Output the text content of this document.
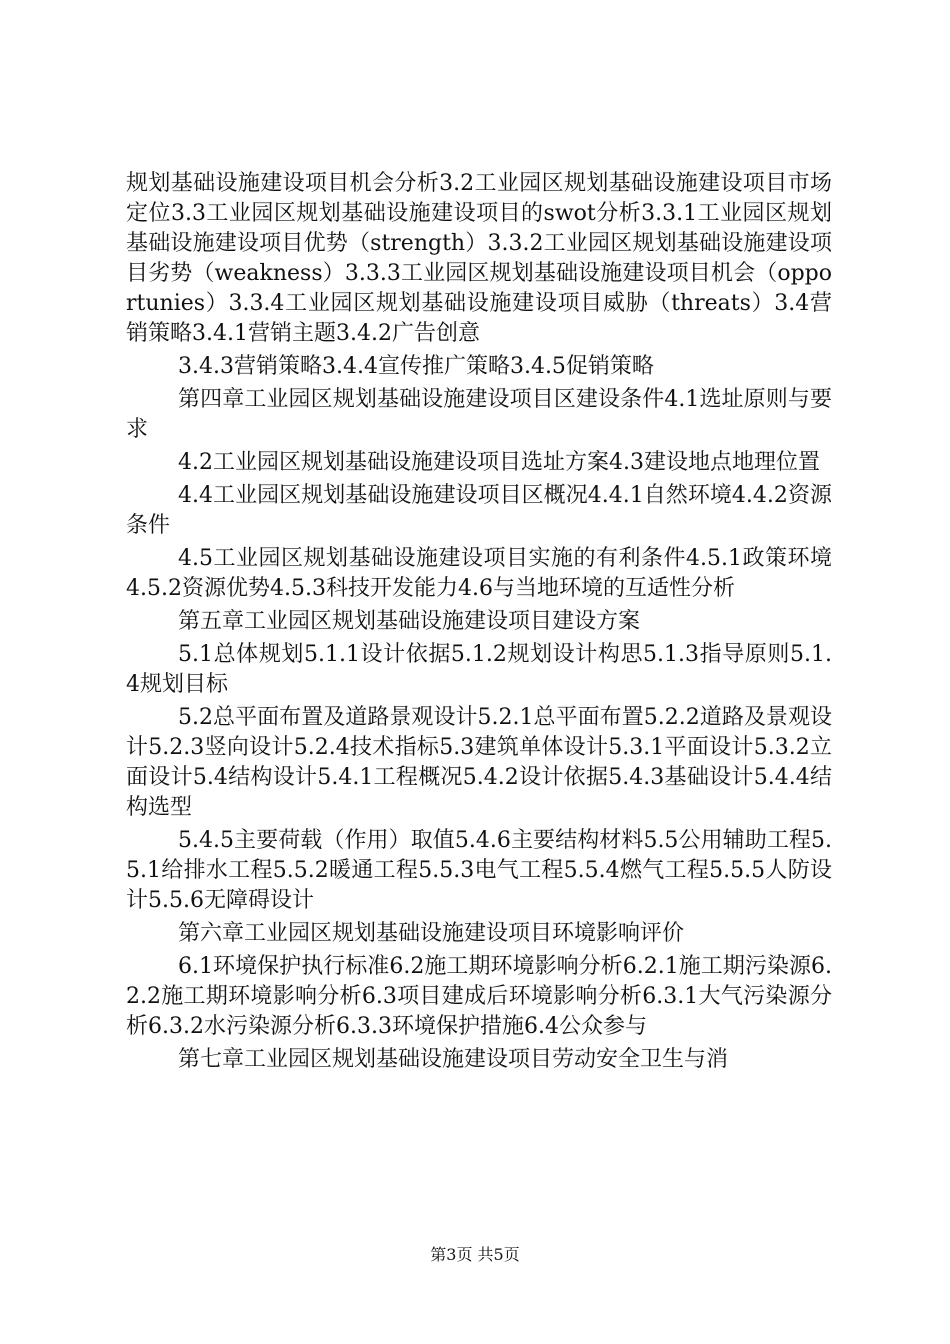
规划基础设施建设项目机会分析3.2工业园区规划基础设施建设项目市场定位3.3工业园区规划基础设施建设项目的swot分析3.3.1工业园区规划基础设施建设项目优势（strength）3.3.2工业园区规划基础设施建设项目劣势（weakness）3.3.3工业园区规划基础设施建设项目机会（opportunies）3.3.4工业园区规划基础设施建设项目威胁（threats）3.4营销策略3.4.1营销主题3.4.2广告创意

3.4.3营销策略3.4.4宣传推广策略3.4.5促销策略

第四章工业园区规划基础设施建设项目区建设条件4.1选址原则与要求

4.2工业园区规划基础设施建设项目选址方案4.3建设地点地理位置

4.4工业园区规划基础设施建设项目区概况4.4.1自然环境4.4.2资源条件

4.5工业园区规划基础设施建设项目实施的有利条件4.5.1政策环境4.5.2资源优势4.5.3科技开发能力4.6与当地环境的互适性分析

第五章工业园区规划基础设施建设项目建设方案

5.1总体规划5.1.1设计依据5.1.2规划设计构思5.1.3指导原则5.1.4规划目标

5.2总平面布置及道路景观设计5.2.1总平面布置5.2.2道路及景观设计5.2.3竖向设计5.2.4技术指标5.3建筑单体设计5.3.1平面设计5.3.2立面设计5.4结构设计5.4.1工程概况5.4.2设计依据5.4.3基础设计5.4.4结构选型

5.4.5主要荷载（作用）取值5.4.6主要结构材料5.5公用辅助工程5.5.1给排水工程5.5.2暖通工程5.5.3电气工程5.5.4燃气工程5.5.5人防设计5.5.6无障碍设计

第六章工业园区规划基础设施建设项目环境影响评价

6.1环境保护执行标准6.2施工期环境影响分析6.2.1施工期污染源6.2.2施工期环境影响分析6.3项目建成后环境影响分析6.3.1大气污染源分析6.3.2水污染源分析6.3.3环境保护措施6.4公众参与

第七章工业园区规划基础设施建设项目劳动安全卫生与消

第3页 共5页
